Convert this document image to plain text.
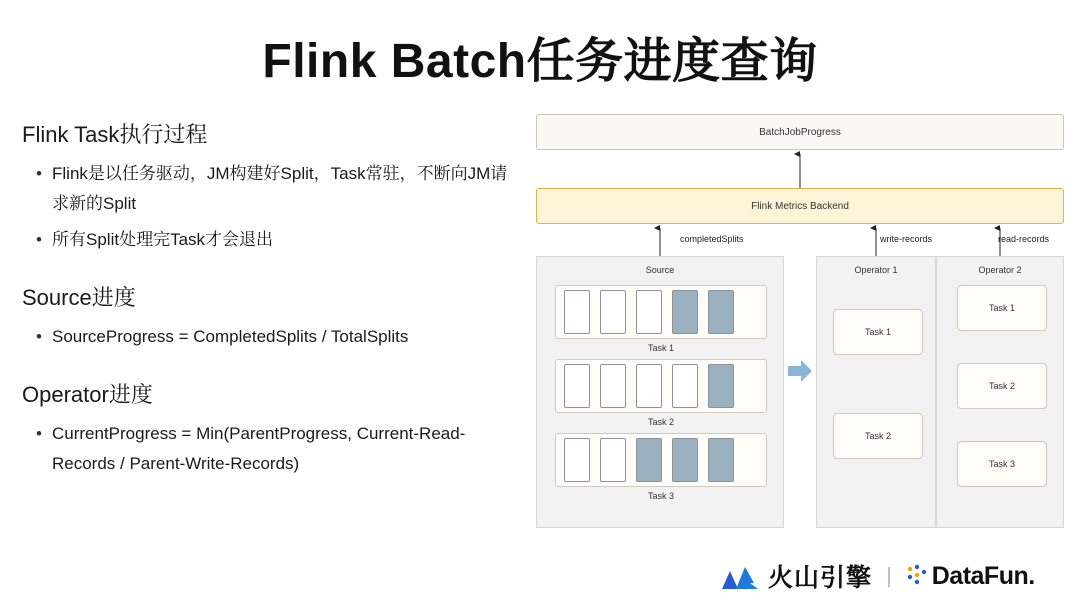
Flink Batch任务进度查询
Flink Task执行过程
• Flink是以任务驱动，JM构建好Split，Task常驻，不断向JM请求新的Split
• 所有Split处理完Task才会退出
Source进度
• SourceProgress = CompletedSplits / TotalSplits
Operator进度
• CurrentProgress = Min(ParentProgress, Current-Read-Records / Parent-Write-Records)
BatchJobProgress
Flink Metrics Backend
completedSplits	write-records	read-records
Source
Task 1
Task 2
Task 3
Operator 1
Task 1
Task 2
Operator 2
Task 1
Task 2
Task 3
火山引擎 | DataFun.
